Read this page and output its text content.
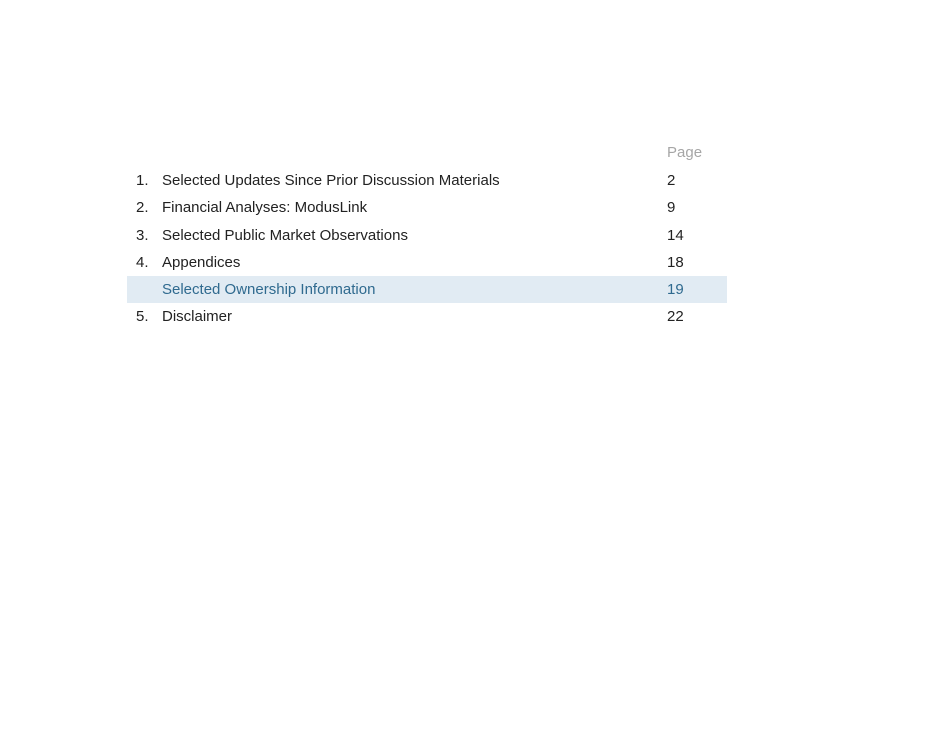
Page
1. Selected Updates Since Prior Discussion Materials	2
2. Financial Analyses: ModusLink	9
3. Selected Public Market Observations	14
4. Appendices	18
Selected Ownership Information	19
5. Disclaimer	22
